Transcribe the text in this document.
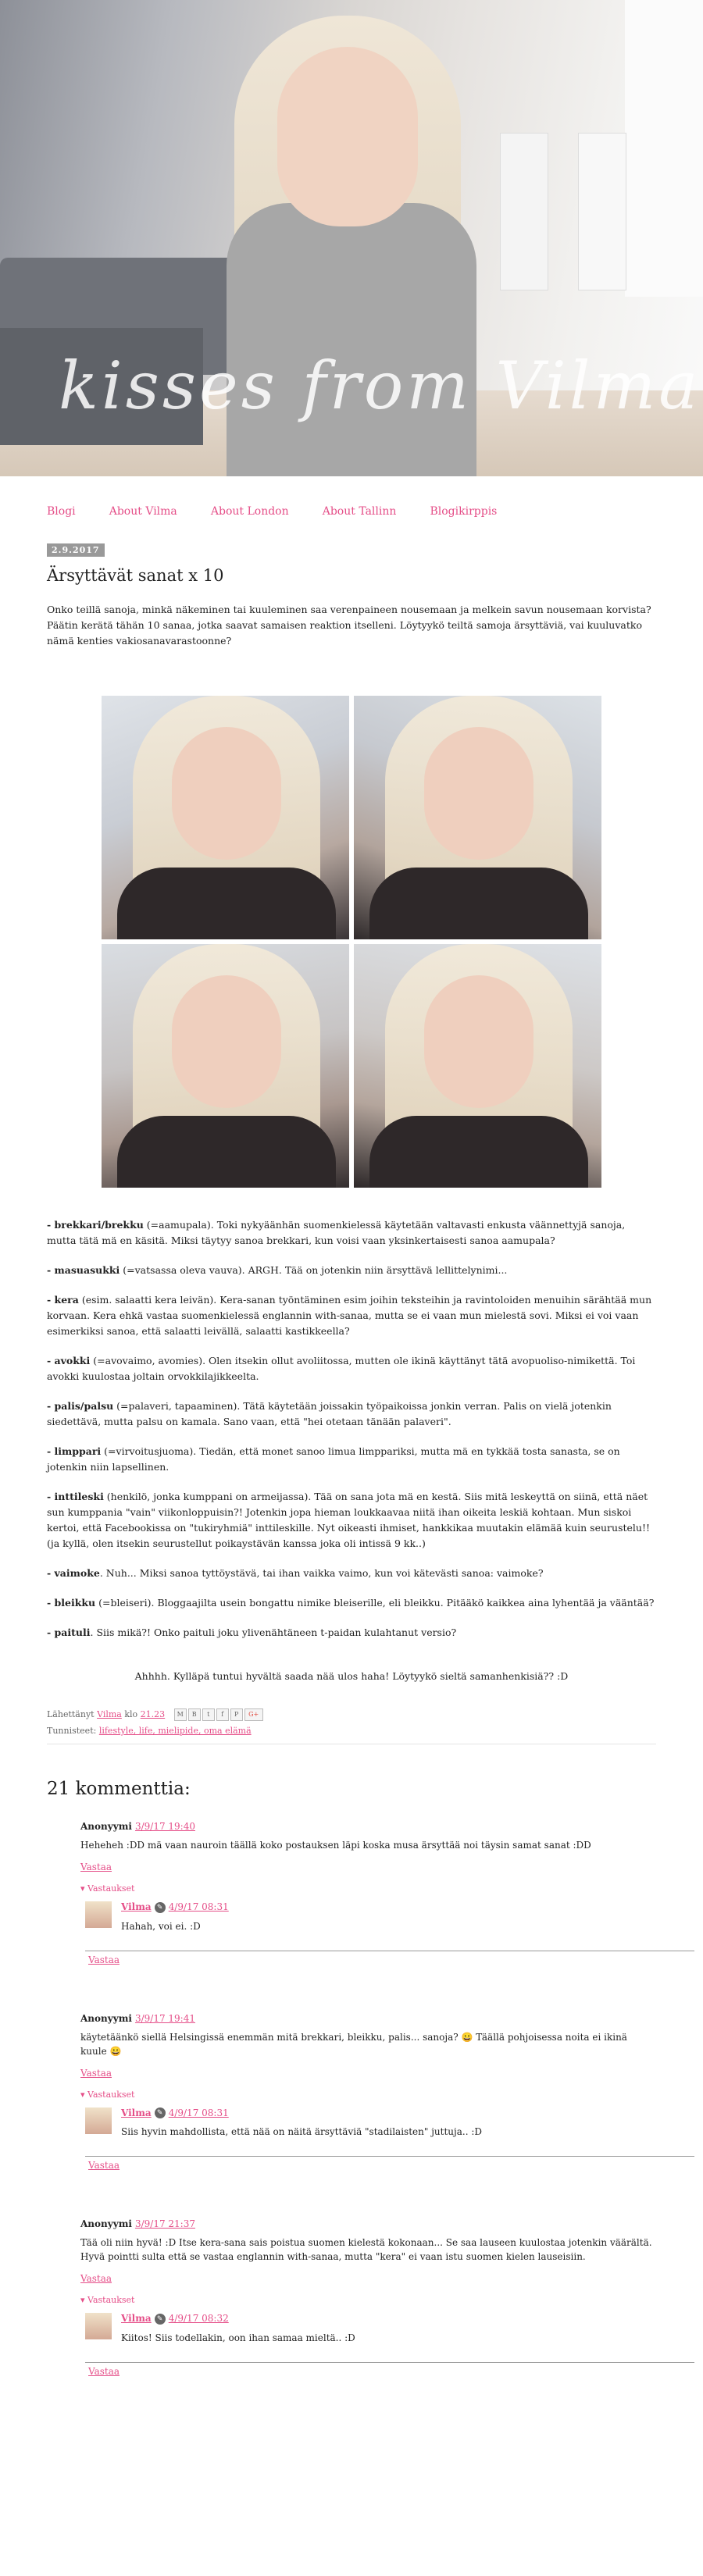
kisses from Vilma
Blogi	About Vilma	About London	About Tallinn	Blogikirppis
2.9.2017
Ärsyttävät sanat x 10

Onko teillä sanoja, minkä näkeminen tai kuuleminen saa verenpaineen nousemaan ja melkein savun nousemaan korvista? Päätin kerätä tähän 10 sanaa, jotka saavat samaisen reaktion itselleni. Löytyykö teiltä samoja ärsyttäviä, vai kuuluvatko nämä kenties vakiosanavarastoonne?

- brekkari/brekku (=aamupala). Toki nykyäänhän suomenkielessä käytetään valtavasti enkusta väännettyjä sanoja, mutta tätä mä en käsitä. Miksi täytyy sanoa brekkari, kun voisi vaan yksinkertaisesti sanoa aamupala?

- masuasukki (=vatsassa oleva vauva). ARGH. Tää on jotenkin niin ärsyttävä lellittelynimi...

- kera (esim. salaatti kera leivän). Kera-sanan työntäminen esim joihin teksteihin ja ravintoloiden menuihin särähtää mun korvaan. Kera ehkä vastaa suomenkielessä englannin with-sanaa, mutta se ei vaan mun mielestä sovi. Miksi ei voi vaan esimerkiksi sanoa, että salaatti leivällä, salaatti kastikkeella?

- avokki (=avovaimo, avomies). Olen itsekin ollut avoliitossa, mutten ole ikinä käyttänyt tätä avopuoliso-nimikettä. Toi avokki kuulostaa joltain orvokkilajikkeelta.

- palis/palsu (=palaveri, tapaaminen). Tätä käytetään joissakin työpaikoissa jonkin verran. Palis on vielä jotenkin siedettävä, mutta palsu on kamala. Sano vaan, että "hei otetaan tänään palaveri".

- limppari (=virvoitusjuoma). Tiedän, että monet sanoo limua limppariksi, mutta mä en tykkää tosta sanasta, se on jotenkin niin lapsellinen.

- inttileski (henkilö, jonka kumppani on armeijassa). Tää on sana jota mä en kestä. Siis mitä leskeyttä on siinä, että näet sun kumppania "vain" viikonloppuisin?! Jotenkin jopa hieman loukkaavaa niitä ihan oikeita leskiä kohtaan. Mun siskoi kertoi, että Facebookissa on "tukiryhmiä" inttileskille. Nyt oikeasti ihmiset, hankkikaa muutakin elämää kuin seurustelu!! (ja kyllä, olen itsekin seurustellut poikaystävän kanssa joka oli intissä 9 kk..)

- vaimoke. Nuh... Miksi sanoa tyttöystävä, tai ihan vaikka vaimo, kun voi kätevästi sanoa: vaimoke?

- bleikku (=bleiseri). Bloggaajilta usein bongattu nimike bleiserille, eli bleikku. Pitääkö kaikkea aina lyhentää ja vääntää?

- paituli. Siis mikä?! Onko paituli joku ylivenähtäneen t-paidan kulahtanut versio?

Ahhhh. Kylläpä tuntui hyvältä saada nää ulos haha! Löytyykö sieltä samanhenkisiä?? :D
Lähettänyt Vilma klo 21.23 M B t f P G+
Tunnisteet: lifestyle, life, mielipide, oma elämä
21 kommenttia:
Anonyymi 3/9/17 19:40
Heheheh :DD mä vaan nauroin täällä koko postauksen läpi koska musa ärsyttää noi täysin samat sanat :DD
Vastaa
▾ Vastaukset
Vilma ✎ 4/9/17 08:31
Hahah, voi ei. :D
Vastaa
Anonyymi 3/9/17 19:41
käytetäänkö siellä Helsingissä enemmän mitä brekkari, bleikku, palis... sanoja? 😀 Täällä pohjoisessa noita ei ikinä kuule 😀
Vastaa
▾ Vastaukset
Vilma ✎ 4/9/17 08:31
Siis hyvin mahdollista, että nää on näitä ärsyttäviä "stadilaisten" juttuja.. :D
Vastaa
Anonyymi 3/9/17 21:37
Tää oli niin hyvä! :D Itse kera-sana sais poistua suomen kielestä kokonaan... Se saa lauseen kuulostaa jotenkin väärältä. Hyvä pointti sulta että se vastaa englannin with-sanaa, mutta "kera" ei vaan istu suomen kielen lauseisiin.
Vastaa
▾ Vastaukset
Vilma ✎ 4/9/17 08:32
Kiitos! Siis todellakin, oon ihan samaa mieltä.. :D
Vastaa
